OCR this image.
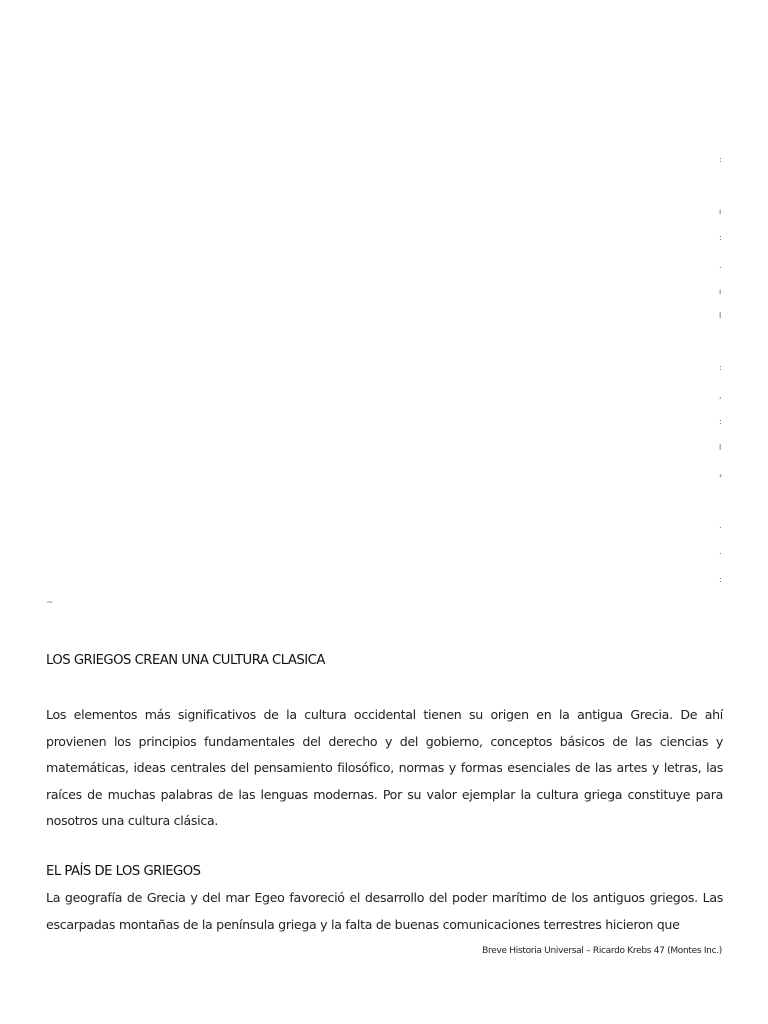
:
ı
:
.
ı
l
:
,
:
l
‹
.
.
:
~
LOS GRIEGOS CREAN UNA CULTURA CLASICA

Los elementos más significativos de la cultura occidental tienen su origen en la antigua Grecia. De ahí provienen los principios fundamentales del derecho y del gobierno, conceptos básicos de las ciencias y matemáticas, ideas centrales del pensamiento filosófico, normas y formas esenciales de las artes y letras, las raíces de muchas palabras de las lenguas modernas. Por su valor ejemplar la cultura griega constituye para nosotros una cultura clásica.

EL PAÍS DE LOS GRIEGOS

La geografía de Grecia y del mar Egeo favoreció el desarrollo del poder marítimo de los antiguos griegos. Las escarpadas montañas de la península griega y la falta de buenas comunicaciones terrestres hicieron que

Breve Historia Universal – Ricardo Krebs 47 (Montes Inc.)
